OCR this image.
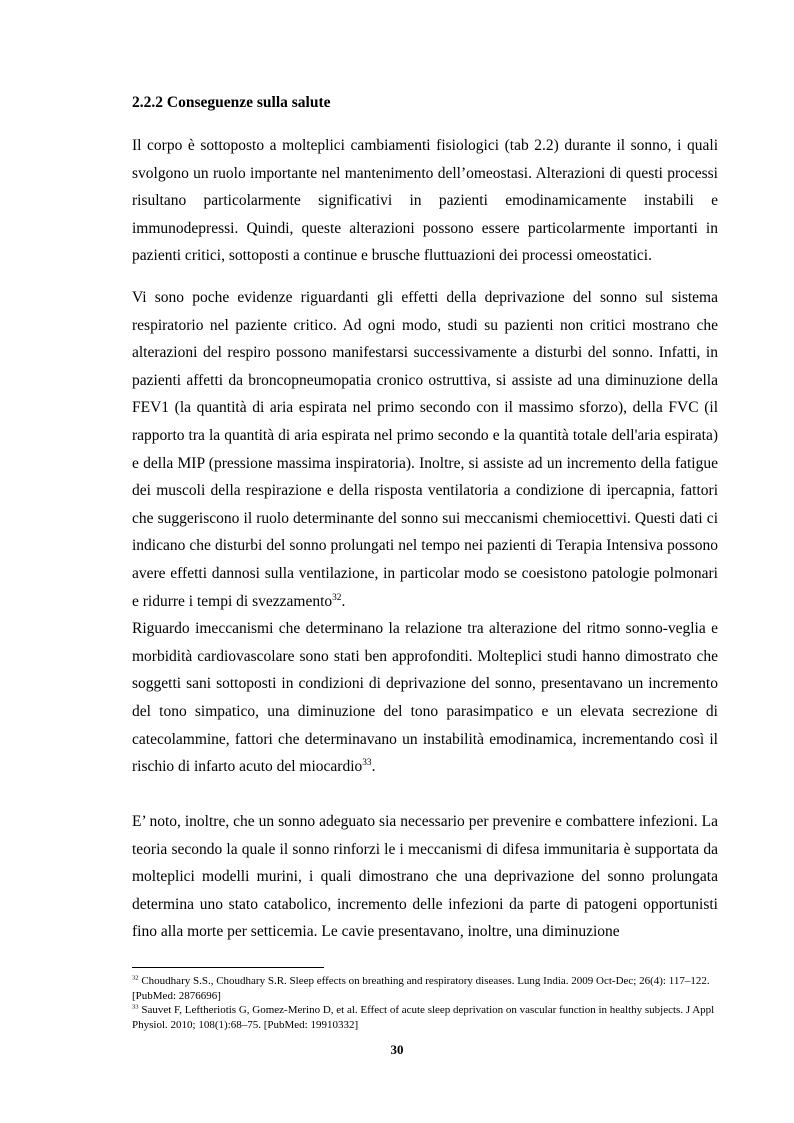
2.2.2 Conseguenze sulla salute

Il corpo è sottoposto a molteplici cambiamenti fisiologici (tab 2.2) durante il sonno, i quali svolgono un ruolo importante nel mantenimento dell’omeostasi. Alterazioni di questi processi risultano particolarmente significativi in pazienti emodinamicamente instabili e immunodepressi. Quindi, queste alterazioni possono essere particolarmente importanti in pazienti critici, sottoposti a continue e brusche fluttuazioni dei processi omeostatici.

Vi sono poche evidenze riguardanti gli effetti della deprivazione del sonno sul sistema respiratorio nel paziente critico. Ad ogni modo, studi su pazienti non critici mostrano che alterazioni del respiro possono manifestarsi successivamente a disturbi del sonno. Infatti, in pazienti affetti da broncopneumopatia cronico ostruttiva, si assiste ad una diminuzione della FEV1 (la quantità di aria espirata nel primo secondo con il massimo sforzo), della FVC (il rapporto tra la quantità di aria espirata nel primo secondo e la quantità totale dell'aria espirata) e della MIP (pressione massima inspiratoria). Inoltre, si assiste ad un incremento della fatigue dei muscoli della respirazione e della risposta ventilatoria a condizione di ipercapnia, fattori che suggeriscono il ruolo determinante del sonno sui meccanismi chemiocettivi. Questi dati ci indicano che disturbi del sonno prolungati nel tempo nei pazienti di Terapia Intensiva possono avere effetti dannosi sulla ventilazione, in particolar modo se coesistono patologie polmonari e ridurre i tempi di svezzamento$^{32}$.
Riguardo imeccanismi che determinano la relazione tra alterazione del ritmo sonno-veglia e morbidità cardiovascolare sono stati ben approfonditi. Molteplici studi hanno dimostrato che soggetti sani sottoposti in condizioni di deprivazione del sonno, presentavano un incremento del tono simpatico, una diminuzione del tono parasimpatico e un elevata secrezione di catecolammine, fattori che determinavano un instabilità emodinamica, incrementando così il rischio di infarto acuto del miocardio$^{33}$.

E’ noto, inoltre, che un sonno adeguato sia necessario per prevenire e combattere infezioni. La teoria secondo la quale il sonno rinforzi le i meccanismi di difesa immunitaria è supportata da molteplici modelli murini, i quali dimostrano che una deprivazione del sonno prolungata determina uno stato catabolico, incremento delle infezioni da parte di patogeni opportunisti fino alla morte per setticemia. Le cavie presentavano, inoltre, una diminuzione

$^{32}$ Choudhary S.S., Choudhary S.R. Sleep effects on breathing and respiratory diseases. Lung India. 2009 Oct-Dec; 26(4): 117–122. [PubMed: 2876696]

$^{33}$ Sauvet F, Leftheriotis G, Gomez-Merino D, et al. Effect of acute sleep deprivation on vascular function in healthy subjects. J Appl Physiol. 2010; 108(1):68–75. [PubMed: 19910332]

30
